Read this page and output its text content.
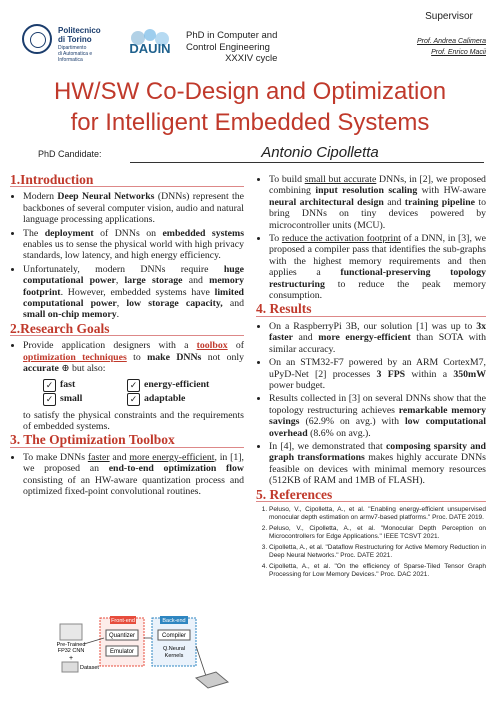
Politecnico
di Torino
Dipartimento
di Automatica e Informatica
DAUIN
PhD in Computer and
Control Engineering

XXXIV cycle
Supervisor
Prof. Andrea Calimera
Prof. Enrico Macii
HW/SW Co-Design and Optimization
for Intelligent Embedded Systems
PhD Candidate:	Antonio Cipolletta
1.Introduction
• Modern Deep Neural Networks (DNNs) represent the backbones of several computer vision, audio and natural language processing applications.
• The deployment of DNNs on embedded systems enables us to sense the physical world with high privacy standards, low latency, and high energy efficiency.
• Unfortunately, modern DNNs require huge computational power, large storage and memory footprint. However, embedded systems have limited computational power, low storage capacity, and small on-chip memory.
2.Research Goals
• Provide application designers with a toolbox of optimization techniques to make DNNs not only accurate ⊕ but also:
✓ fast	✓ energy-efficient
✓ small	✓ adaptable
to satisfy the physical constraints and the requirements of embedded systems.
3. The Optimization Toolbox
• To make DNNs faster and more energy-efficient, in [1], we proposed an end-to-end optimization flow consisting of an HW-aware quantization process and optimized fixed-point convolutional routines.
Pre-Trained
FP32 CNN
+
Dataset
Front-end
Quantizer
Emulator
Back-end
Compiler
Q.Neural
Kernels
• To build small but accurate DNNs, in [2], we proposed combining input resolution scaling with HW-aware neural architectural design and training pipeline to bring DNNs on tiny devices powered by microcontroller units (MCU).
• To reduce the activation footprint of a DNN, in [3], we proposed a compiler pass that identifies the sub-graphs with the highest memory requirements and then applies a functional-preserving topology restructuring to reduce the peak memory consumption.
4. Results
• On a RaspberryPi 3B, our solution [1] was up to 3x faster and more energy-efficient than SOTA with similar accuracy.
• On an STM32-F7 powered by an ARM CortexM7, uPyD-Net [2] processes 3 FPS within a 350mW power budget.
• Results collected in [3] on several DNNs show that the topology restructuring achieves remarkable memory savings (62.9% on avg.) with low computational overhead (8.6% on avg.).
• In [4], we demonstrated that composing sparsity and graph transformations makes highly accurate DNNs feasible on devices with minimal memory resources (512KB of RAM and 1MB of FLASH).
5. References
1. Peluso, V., Cipolletta, A., et al. "Enabling energy-efficient unsupervised monocular depth estimation on armv7-based platforms." Proc. DATE 2019.
2. Peluso, V., Cipolletta, A., et al. "Monocular Depth Perception on Microcontrollers for Edge Applications." IEEE TCSVT 2021.
3. Cipolletta, A., et al. "Dataflow Restructuring for Active Memory Reduction in Deep Neural Networks." Proc. DATE 2021.
4. Cipolletta, A., et al. "On the efficiency of Sparse-Tiled Tensor Graph Processing for Low Memory Devices." Proc. DAC 2021.
